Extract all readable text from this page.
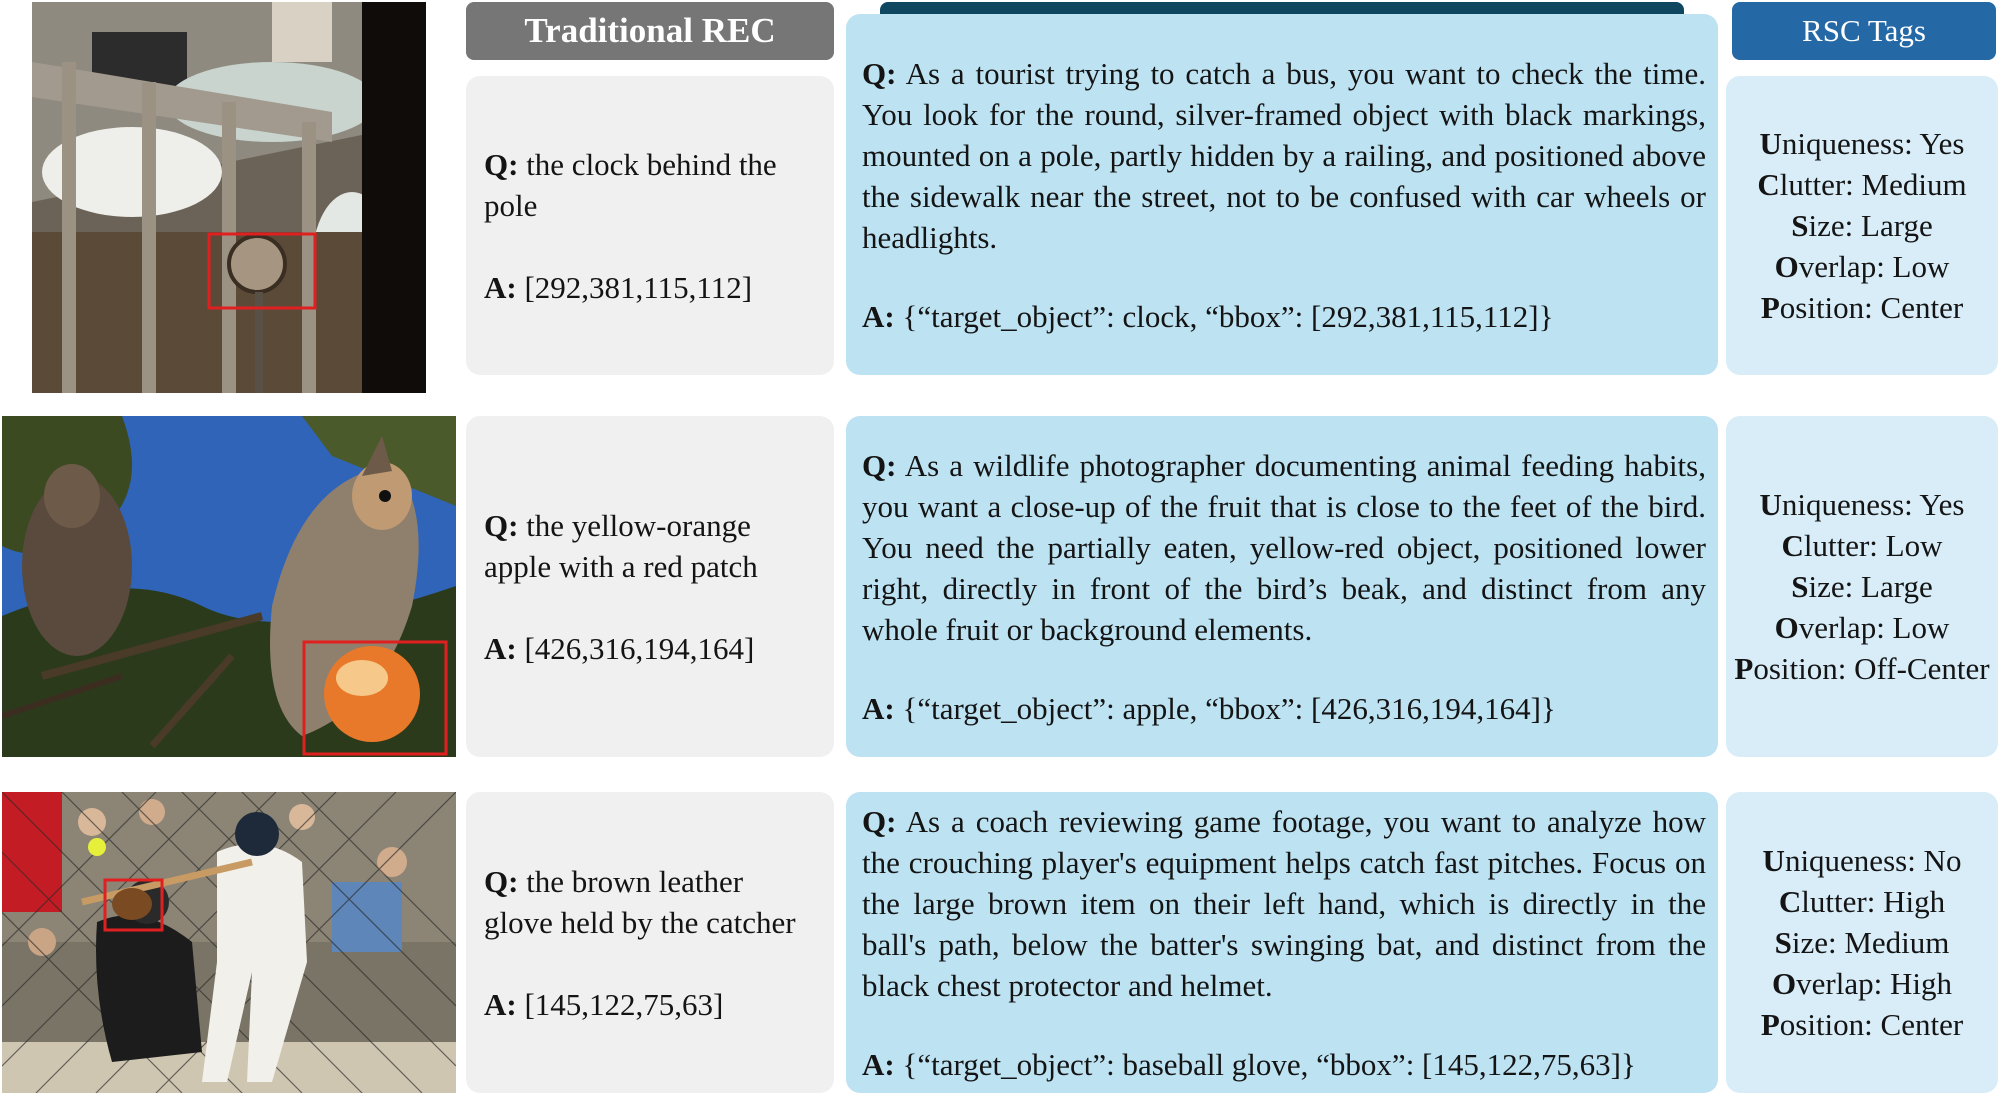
Traditional REC	RSC Tags
Q: the clock behind the pole
A: [292,381,115,112]
Q: As a tourist trying to catch a bus, you want to check the time. You look for the round, silver-framed object with black markings, mounted on a pole, partly hidden by a railing, and positioned above the sidewalk near the street, not to be confused with car wheels or headlights.
A: {“target_object”: clock, “bbox”: [292,381,115,112]}
Uniqueness: Yes
Clutter: Medium
Size: Large
Overlap: Low
Position: Center
Q: the yellow-orange apple with a red patch
A: [426,316,194,164]
Q: As a wildlife photographer documenting animal feeding habits, you want a close-up of the fruit that is close to the feet of the bird. You need the partially eaten, yellow-red object, positioned lower right, directly in front of the bird’s beak, and distinct from any whole fruit or background elements.
A: {“target_object”: apple, “bbox”: [426,316,194,164]}
Uniqueness: Yes
Clutter: Low
Size: Large
Overlap: Low
Position: Off-Center
Q: the brown leather glove held by the catcher
A: [145,122,75,63]
Q: As a coach reviewing game footage, you want to analyze how the crouching player's equipment helps catch fast pitches. Focus on the large brown item on their left hand, which is directly in the ball's path, below the batter's swinging bat, and distinct from the black chest protector and helmet.
A: {“target_object”: baseball glove, “bbox”: [145,122,75,63]}
Uniqueness: No
Clutter: High
Size: Medium
Overlap: High
Position: Center
